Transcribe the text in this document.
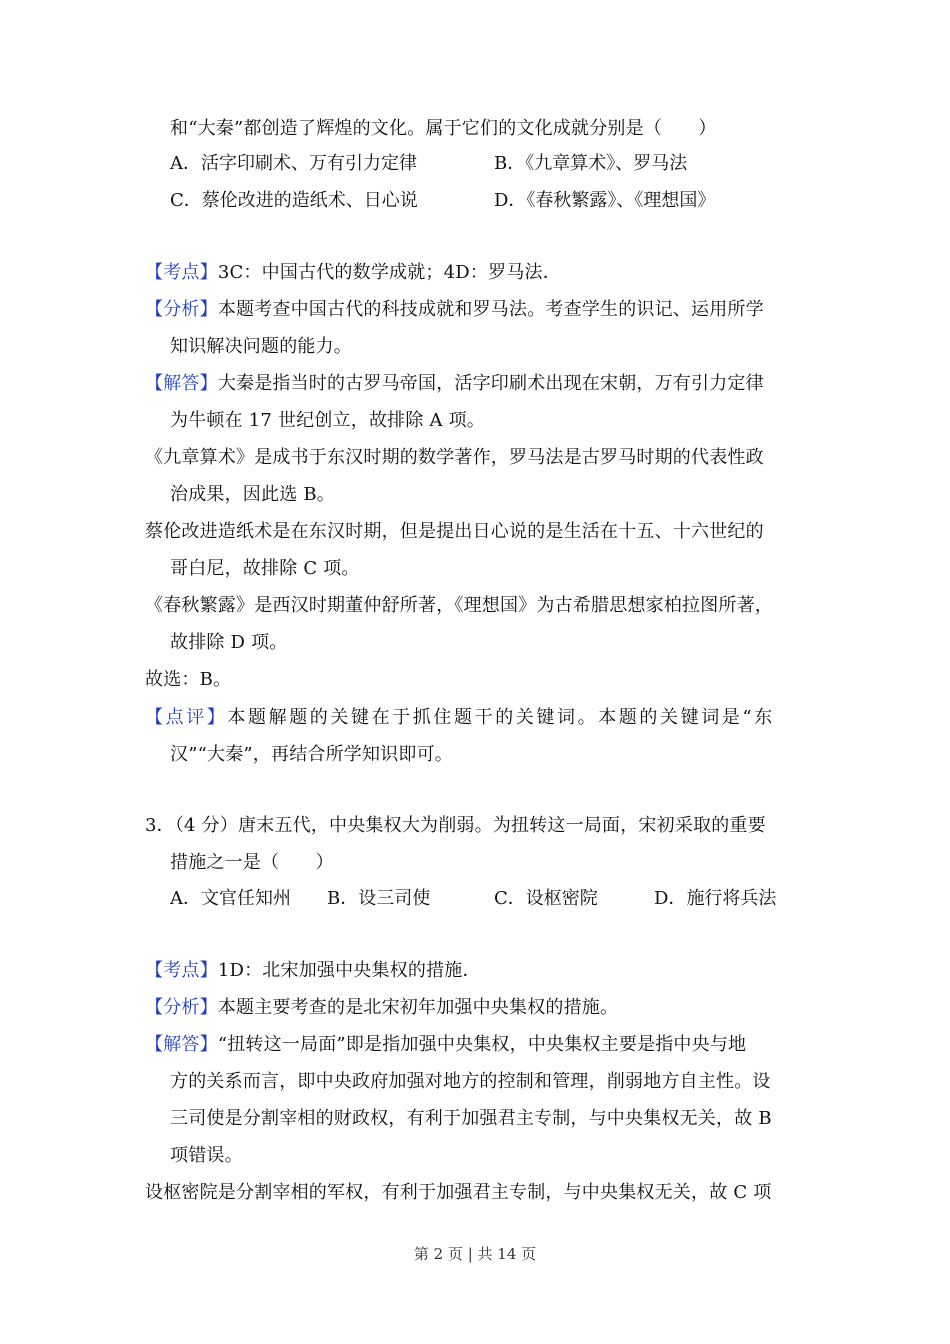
和“大秦”都创造了辉煌的文化。属于它们的文化成就分别是（　　）
A．活字印刷术、万有引力定律	B．《九章算术》、罗马法
C．蔡伦改进的造纸术、日心说	D．《春秋繁露》、《理想国》
【考点】3C：中国古代的数学成就；4D：罗马法．
【分析】本题考查中国古代的科技成就和罗马法。考查学生的识记、运用所学
知识解决问题的能力。
【解答】大秦是指当时的古罗马帝国，活字印刷术出现在宋朝，万有引力定律
为牛顿在 17 世纪创立，故排除 A 项。
《九章算术》是成书于东汉时期的数学著作，罗马法是古罗马时期的代表性政
治成果，因此选 B。
蔡伦改进造纸术是在东汉时期，但是提出日心说的是生活在十五、十六世纪的
哥白尼，故排除 C 项。
《春秋繁露》是西汉时期董仲舒所著，《理想国》为古希腊思想家柏拉图所著，
故排除 D 项。
故选：B。
【点评】本题解题的关键在于抓住题干的关键词。本题的关键词是“东
汉”“大秦”，再结合所学知识即可。
3．（4 分）唐末五代，中央集权大为削弱。为扭转这一局面，宋初采取的重要
措施之一是（　　）
A．文官任知州 B．设三司使	C．设枢密院	D．施行将兵法
【考点】1D：北宋加强中央集权的措施．
【分析】本题主要考查的是北宋初年加强中央集权的措施。
【解答】“扭转这一局面”即是指加强中央集权，中央集权主要是指中央与地
方的关系而言，即中央政府加强对地方的控制和管理，削弱地方自主性。设
三司使是分割宰相的财政权，有利于加强君主专制，与中央集权无关，故 B
项错误。
设枢密院是分割宰相的军权，有利于加强君主专制，与中央集权无关，故 C 项
第 2 页 | 共 14 页
